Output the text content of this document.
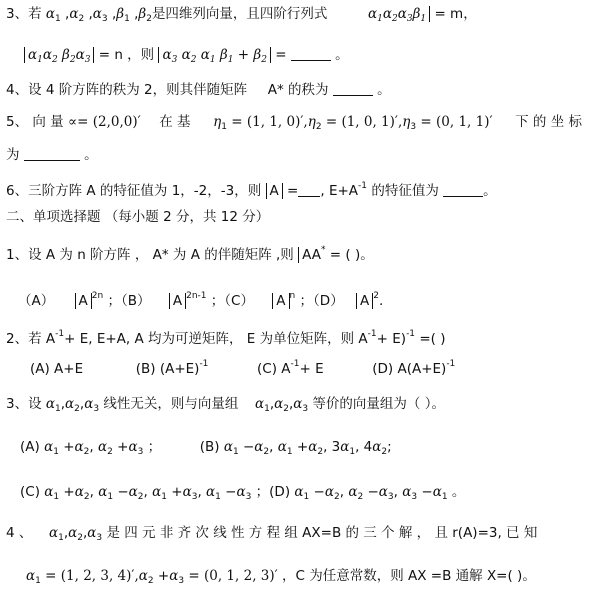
3、若 $\alpha_1$ $,\alpha_2$ $,\alpha_3$ $,\beta_1$ $,\beta_2$是四维列向量，且四阶行列式	$\alpha_1\alpha_2\alpha_3\beta_1 = m$，
$\alpha_1\alpha_2$ $\beta_2\alpha_3 = n$ ，则 $\alpha_3$ $\alpha_2$ $\alpha_1$ $\beta_1 + \beta_2$ =	。
4、设 4 阶方阵的秩为 2，则其伴随矩阵 A* 的秩为	。
5、 向 量 ∝= (2,0,0)′ 在 基 $\eta_1 = (1$, 1, $0)',\eta_2 = (1$, 0, $1)',\eta_3 = (0$, 1, 1)′ 下 的 坐 标
为	。
6、三阶方阵 A 的特征值为 1，-2，-3，则 A = , $E+A^{-1}$ 的特征值为	。
二、单项选择题 （每小题 2 分，共 12 分）
1、设 A 为 n 阶方阵 ， A* 为 A 的伴随矩阵 ,则 AA* = ( )。
（A） A $^{2n}$ ；（B） A $^{2n-1}$ ；（C） A $^n$ ；（D） A $^2$.
2、若 $A^{-1}+ E$, E+A, A 均为可逆矩阵， E 为单位矩阵，则 $A^{-1}+ E)^{-1}$ =( )
(A) A+E	(B) $(A+E)^{-1}$	(C) $A^{-1}+ E$	(D) $A(A+E)^{-1}$
3、设 $\alpha_1,\alpha_2,\alpha_3$ 线性无关，则与向量组 $\alpha_1,\alpha_2,\alpha_3$ 等价的向量组为（ ）。
(A) $\alpha_1 +\alpha_2$, $\alpha_2 +\alpha_3$ ；	(B) $\alpha_1 -\alpha_2$, $\alpha_1 +\alpha_2$, $3\alpha_1$, $4\alpha_2$;
(C) $\alpha_1 +\alpha_2$, $\alpha_1 -\alpha_2$, $\alpha_1 +\alpha_3$, $\alpha_1 -\alpha_3$ ；(D) $\alpha_1 -\alpha_2$, $\alpha_2 -\alpha_3$, $\alpha_3 -\alpha_1$ 。
4 、 $\alpha_1,\alpha_2,\alpha_3$ 是 四 元 非 齐 次 线 性 方 程 组 AX=B 的 三 个 解 ， 且 r(A)=3, 已 知
$\alpha_1 = (1$, 2, 3, $4)',\alpha_2 +\alpha_3 = (0$, 1, 2, 3)′ ，C 为任意常数，则 AX =B 通解 X=( )。
